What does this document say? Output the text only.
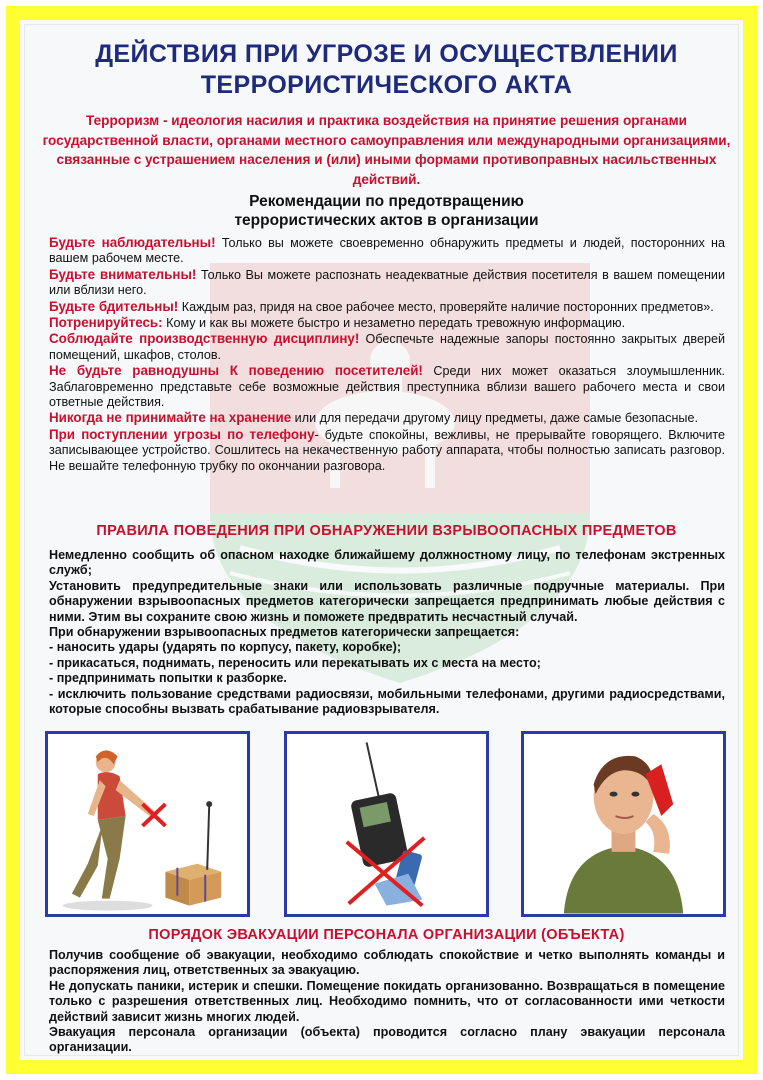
ДЕЙСТВИЯ ПРИ УГРОЗЕ И ОСУЩЕСТВЛЕНИИ
ТЕРРОРИСТИЧЕСКОГО АКТА
Терроризм - идеология насилия и практика воздействия на принятие решения органами государственной власти, органами местного самоуправления или международными организациями, связанные с устрашением населения и (или) иными формами противоправных насильственных действий.
Рекомендации по предотвращению
террористических актов в организации

Будьте наблюдательны! Только вы можете своевременно обнаружить предметы и людей, посторонних на вашем рабочем месте.

Будьте внимательны! Только Вы можете распознать неадекватные действия посетителя в вашем помещении или вблизи него.

Будьте бдительны! Каждым раз, придя на свое рабочее место, проверяйте наличие посторонних предметов».

Потренируйтесь: Кому и как вы можете быстро и незаметно передать тревожную информацию.

Соблюдайте производственную дисциплину! Обеспечьте надежные запоры постоянно закрытых дверей помещений, шкафов, столов.

Не будьте равнодушны К поведению посетителей! Среди них может оказаться злоумышленник. Заблаговременно представьте себе возможные действия преступника вблизи вашего рабочего места и свои ответные действия.

Никогда не принимайте на хранение или для передачи другому лицу предметы, даже самые безопасные.

При поступлении угрозы по телефону- будьте спокойны, вежливы, не прерывайте говорящего. Включите записывающее устройство. Сошлитесь на некачественную работу аппарата, чтобы полностью записать разговор. Не вешайте телефонную трубку по окончании разговора.

ПРАВИЛА ПОВЕДЕНИЯ ПРИ ОБНАРУЖЕНИИ ВЗРЫВООПАСНЫХ ПРЕДМЕТОВ

Немедленно сообщить об опасном находке ближайшему должностному лицу, по телефонам экстренных служб;

Установить предупредительные знаки или использовать различные подручные материалы. При обнаружении взрывоопасных предметов категорически запрещается предпринимать любые действия с ними. Этим вы сохраните свою жизнь и поможете предвратить несчастный случай.

При обнаружении взрывоопасных предметов категорически запрещается:

- наносить удары (ударять по корпусу, пакету, коробке);

- прикасаться, поднимать, переносить или перекатывать их с места на место;

- предпринимать попытки к разборке.

- исключить пользование средствами радиосвязи, мобильными телефонами, другими радиосредствами, которые способны вызвать срабатывание радиовзрывателя.

ПОРЯДОК ЭВАКУАЦИИ ПЕРСОНАЛА ОРГАНИЗАЦИИ (ОБЪЕКТА)

Получив сообщение об эвакуации, необходимо соблюдать спокойствие и четко выполнять команды и распоряжения лиц, ответственных за эвакуацию.

Не допускать паники, истерик и спешки. Помещение покидать организованно. Возвращаться в помещение только с разрешения ответственных лиц. Необходимо помнить, что от согласованности ими четкости действий зависит жизнь многих людей.

Эвакуация персонала организации (объекта) проводится согласно плану эвакуации персонала организации.
